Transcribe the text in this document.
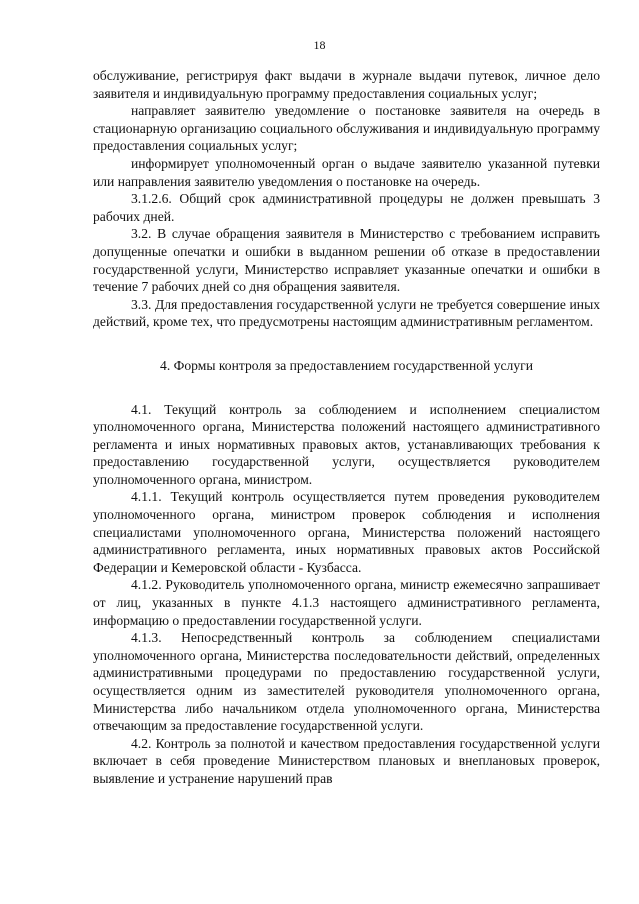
18

обслуживание, регистрируя факт выдачи в журнале выдачи путевок, личное дело заявителя и индивидуальную программу предоставления социальных услуг;

направляет заявителю уведомление о постановке заявителя на очередь в стационарную организацию социального обслуживания и индивидуальную программу предоставления социальных услуг;

информирует уполномоченный орган о выдаче заявителю указанной путевки или направления заявителю уведомления о постановке на очередь.

3.1.2.6. Общий срок административной процедуры не должен превышать 3 рабочих дней.

3.2. В случае обращения заявителя в Министерство с требованием исправить допущенные опечатки и ошибки в выданном решении об отказе в предоставлении государственной услуги, Министерство исправляет указанные опечатки и ошибки в течение 7 рабочих дней со дня обращения заявителя.

3.3. Для предоставления государственной услуги не требуется совершение иных действий, кроме тех, что предусмотрены настоящим административным регламентом.

4. Формы контроля за предоставлением государственной услуги

4.1. Текущий контроль за соблюдением и исполнением специалистом уполномоченного органа, Министерства положений настоящего административного регламента и иных нормативных правовых актов, устанавливающих требования к предоставлению государственной услуги, осуществляется руководителем уполномоченного органа, министром.

4.1.1. Текущий контроль осуществляется путем проведения руководителем уполномоченного органа, министром проверок соблюдения и исполнения специалистами уполномоченного органа, Министерства положений настоящего административного регламента, иных нормативных правовых актов Российской Федерации и Кемеровской области - Кузбасса.

4.1.2. Руководитель уполномоченного органа, министр ежемесячно запрашивает от лиц, указанных в пункте 4.1.3 настоящего административного регламента, информацию о предоставлении государственной услуги.

4.1.3. Непосредственный контроль за соблюдением специалистами уполномоченного органа, Министерства последовательности действий, определенных административными процедурами по предоставлению государственной услуги, осуществляется одним из заместителей руководителя уполномоченного органа, Министерства либо начальником отдела уполномоченного органа, Министерства отвечающим за предоставление государственной услуги.

4.2. Контроль за полнотой и качеством предоставления государственной услуги включает в себя проведение Министерством плановых и внеплановых проверок, выявление и устранение нарушений прав
